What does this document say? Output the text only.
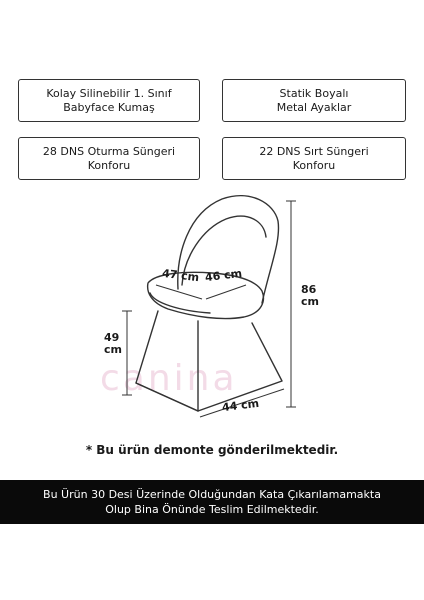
Kolay Silinebilir 1. Sınıf
Babyface Kumaş
Statik Boyalı
Metal Ayaklar
28 DNS Oturma Süngeri
Konforu
22 DNS Sırt Süngeri
Konforu
canina
86
cm
49
cm
47 cm 46 cm
44 cm
* Bu ürün demonte gönderilmektedir.
Bu Ürün 30 Desi Üzerinde Olduğundan Kata Çıkarılamamakta
Olup Bina Önünde Teslim Edilmektedir.
